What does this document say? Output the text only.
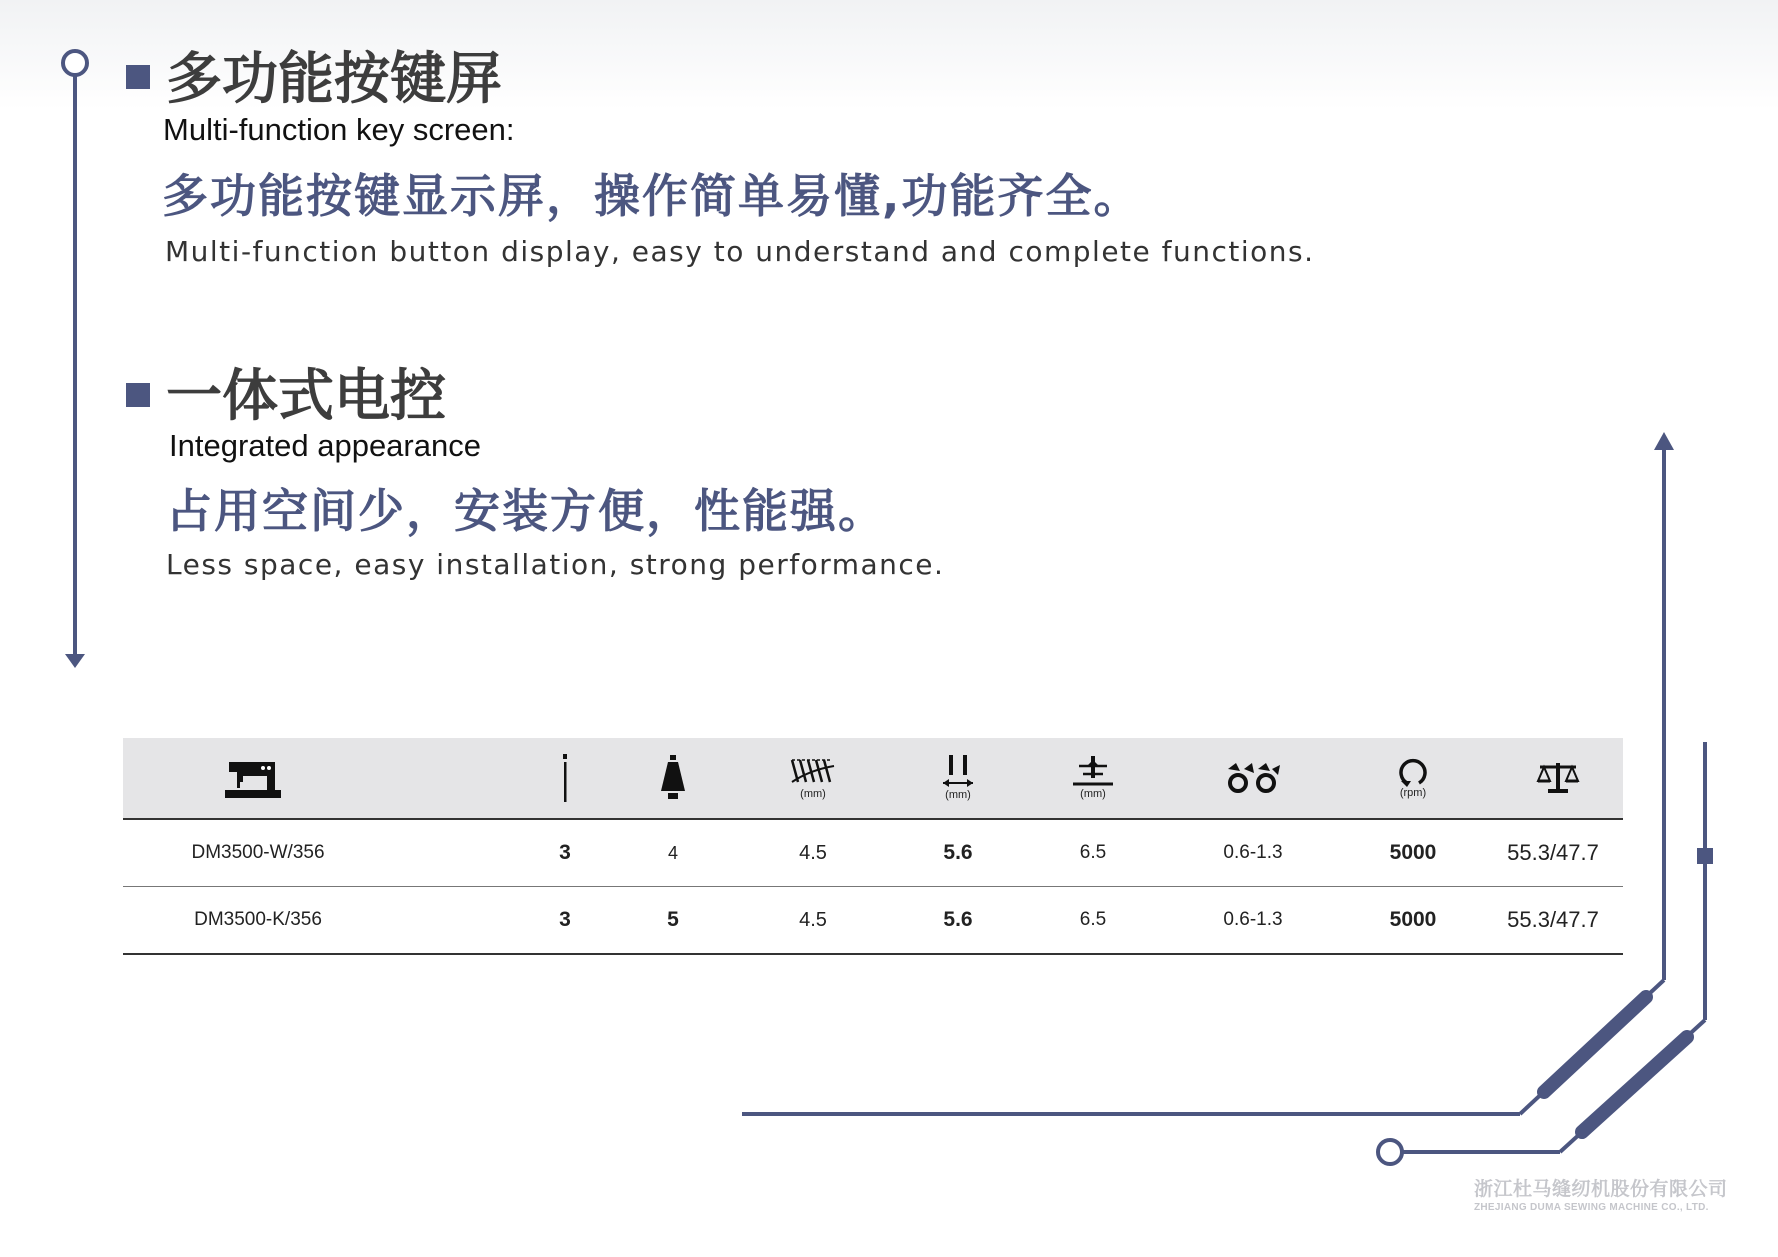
多功能按键屏
Multi-function key screen:
多功能按键显示屏，操作简单易懂,功能齐全。
Multi-function button display, easy to understand and complete functions.
一体式电控
Integrated appearance
占用空间少，安装方便，性能强。
Less space, easy installation, strong performance.
(mm)	(mm)	(mm)	(rpm)
DM3500-W/356	3	4	4.5	5.6	6.5	0.6-1.3	5000	55.3/47.7
DM3500-K/356	3	5	4.5	5.6	6.5	0.6-1.3	5000	55.3/47.7
浙江杜马缝纫机股份有限公司
ZHEJIANG DUMA SEWING MACHINE CO., LTD.
